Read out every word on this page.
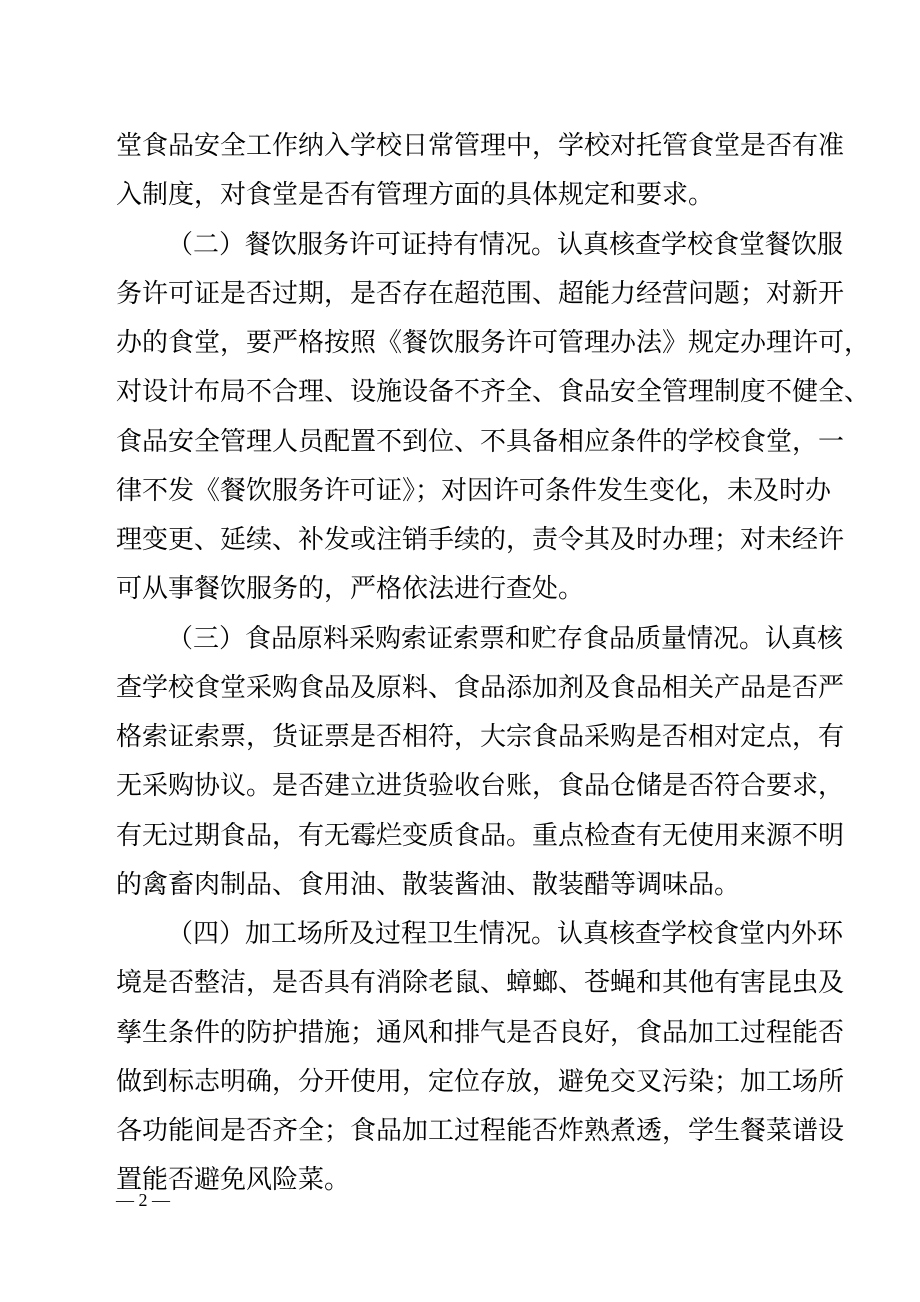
堂食品安全工作纳入学校日常管理中，学校对托管食堂是否有准
入制度，对食堂是否有管理方面的具体规定和要求。
（二）餐饮服务许可证持有情况。认真核查学校食堂餐饮服
务许可证是否过期，是否存在超范围、超能力经营问题；对新开
办的食堂，要严格按照《餐饮服务许可管理办法》规定办理许可，
对设计布局不合理、设施设备不齐全、食品安全管理制度不健全、
食品安全管理人员配置不到位、不具备相应条件的学校食堂，一
律不发《餐饮服务许可证》；对因许可条件发生变化，未及时办
理变更、延续、补发或注销手续的，责令其及时办理；对未经许
可从事餐饮服务的，严格依法进行查处。
（三）食品原料采购索证索票和贮存食品质量情况。认真核
查学校食堂采购食品及原料、食品添加剂及食品相关产品是否严
格索证索票，货证票是否相符，大宗食品采购是否相对定点，有
无采购协议。是否建立进货验收台账，食品仓储是否符合要求，
有无过期食品，有无霉烂变质食品。重点检查有无使用来源不明
的禽畜肉制品、食用油、散装酱油、散装醋等调味品。
（四）加工场所及过程卫生情况。认真核查学校食堂内外环
境是否整洁，是否具有消除老鼠、蟑螂、苍蝇和其他有害昆虫及
孳生条件的防护措施；通风和排气是否良好，食品加工过程能否
做到标志明确，分开使用，定位存放，避免交叉污染；加工场所
各功能间是否齐全；食品加工过程能否炸熟煮透，学生餐菜谱设
置能否避免风险菜。
— 2 —
